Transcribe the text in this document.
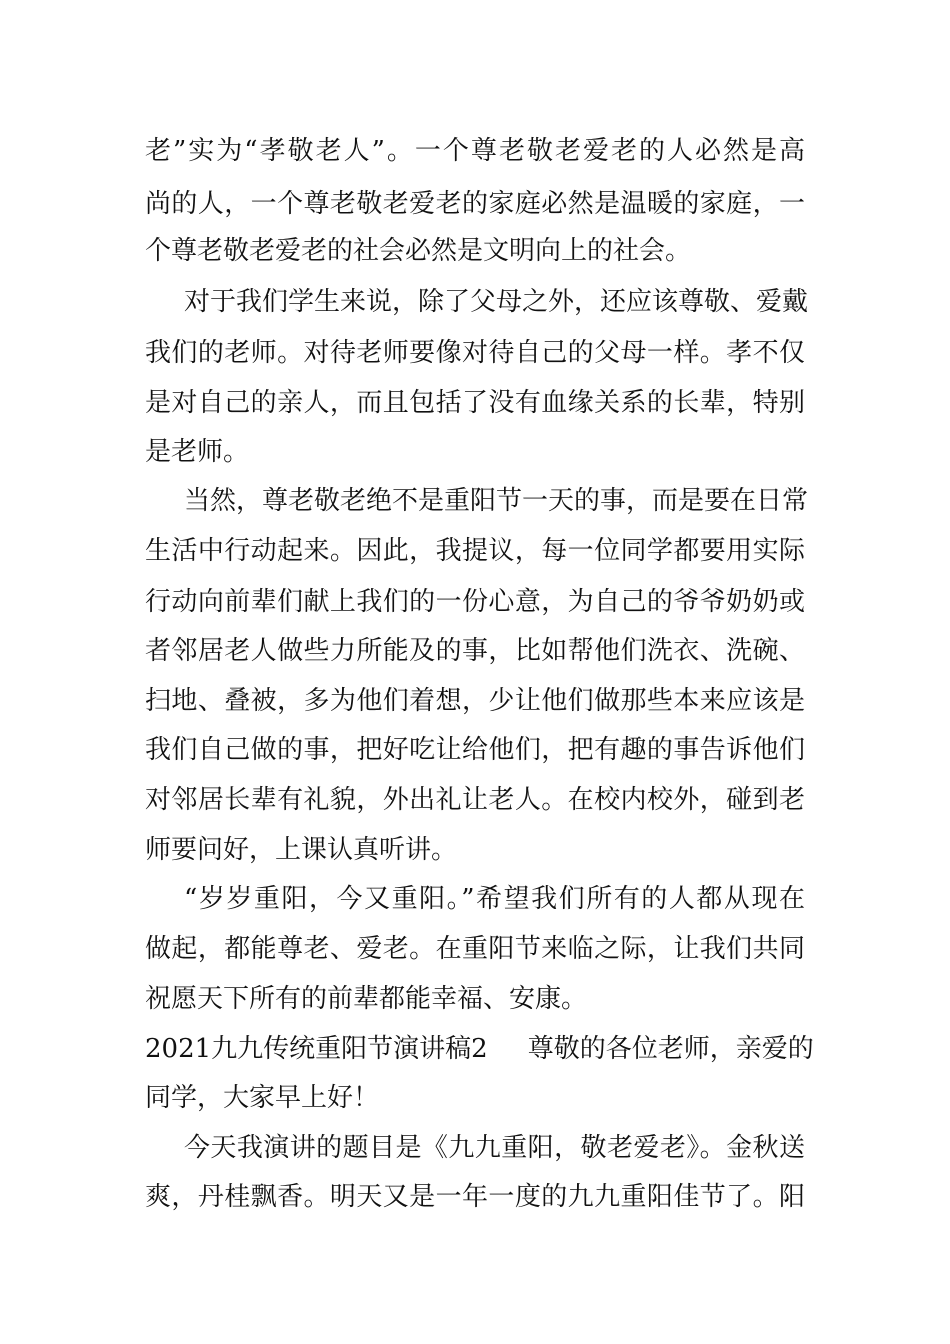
老”实为“孝敬老人”。一个尊老敬老爱老的人必然是高
尚的人，一个尊老敬老爱老的家庭必然是温暖的家庭，一
个尊老敬老爱老的社会必然是文明向上的社会。
对于我们学生来说，除了父母之外，还应该尊敬、爱戴
我们的老师。对待老师要像对待自己的父母一样。孝不仅
是对自己的亲人，而且包括了没有血缘关系的长辈，特别
是老师。
当然，尊老敬老绝不是重阳节一天的事，而是要在日常
生活中行动起来。因此，我提议，每一位同学都要用实际
行动向前辈们献上我们的一份心意，为自己的爷爷奶奶或
者邻居老人做些力所能及的事，比如帮他们洗衣、洗碗、
扫地、叠被，多为他们着想，少让他们做那些本来应该是
我们自己做的事，把好吃让给他们，把有趣的事告诉他们
对邻居长辈有礼貌，外出礼让老人。在校内校外，碰到老
师要问好，上课认真听讲。
“岁岁重阳，今又重阳。”希望我们所有的人都从现在
做起，都能尊老、爱老。在重阳节来临之际，让我们共同
祝愿天下所有的前辈都能幸福、安康。
2021九九传统重阳节演讲稿2 尊敬的各位老师，亲爱的
同学，大家早上好！
今天我演讲的题目是《九九重阳，敬老爱老》。金秋送
爽，丹桂飘香。明天又是一年一度的九九重阳佳节了。阳
